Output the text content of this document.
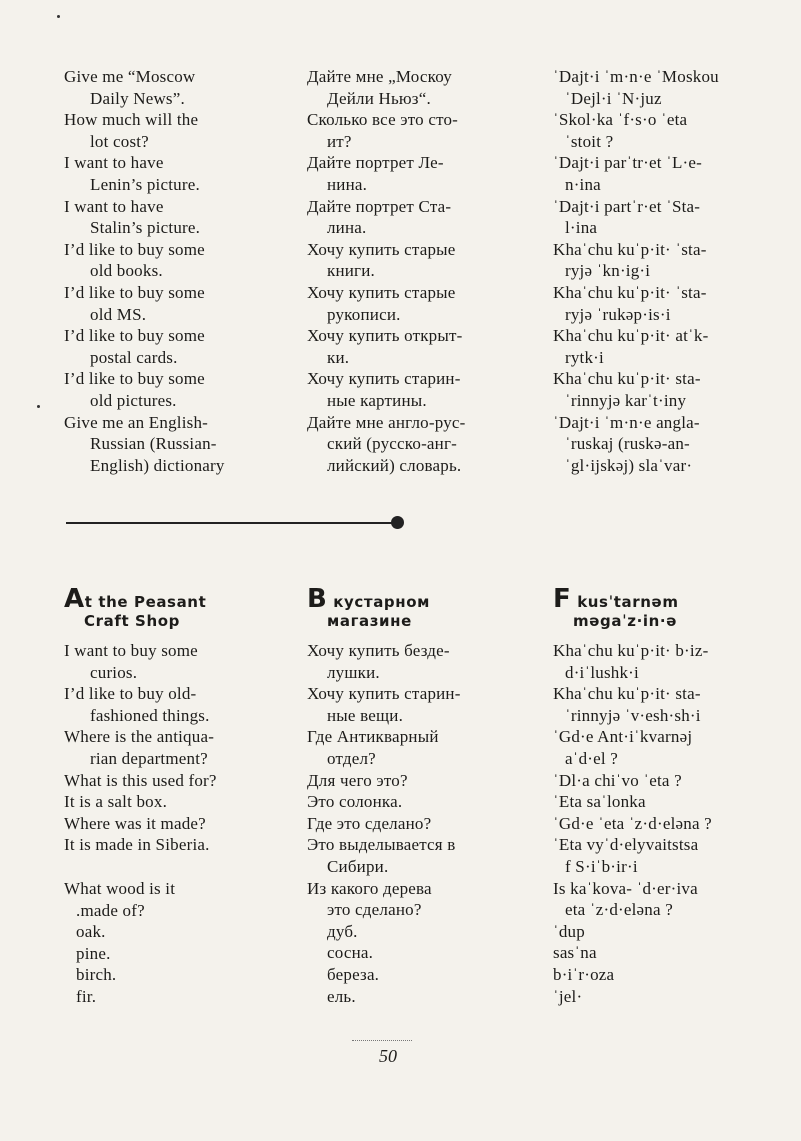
Give me “Moscow
Daily News”.
How much will the
lot cost?
I want to have
Lenin’s picture.
I want to have
Stalin’s picture.
I’d like to buy some
old books.
I’d like to buy some
old MS.
I’d like to buy some
postal cards.
I’d like to buy some
old pictures.
Give me an English-
Russian (Russian-
English) dictionary
Дайте мне „Москоу
Дейли Ньюз“.
Сколько все это сто-
ит?
Дайте портрет Ле-
нина.
Дайте портрет Ста-
лина.
Хочу купить старые
книги.
Хочу купить старые
рукописи.
Хочу купить открыт-
ки.
Хочу купить старин-
ные картины.
Дайте мне англо-рус-
ский (русско-анг-
лийский) словарь.
ˈDajt·i ˈm·n·e ˈMoskou
ˈDejl·i ˈN·juz
ˈSkol·ka ˈf·s·o ˈeta
ˈstoit ?
ˈDajt·i parˈtr·et ˈL·e-
n·ina
ˈDajt·i partˈr·et ˈSta-
l·ina
Khaˈchu kuˈp·it· ˈsta-
ryjə ˈkn·ig·i
Khaˈchu kuˈp·it· ˈsta-
ryjə ˈrukəp·is·i
Khaˈchu kuˈp·it· atˈk-
rytk·i
Khaˈchu kuˈp·it· sta-
ˈrinnyjə karˈt·iny
ˈDajt·i ˈm·n·e angla-
ˈruskaj (ruskə-an-
ˈgl·ijskəj) slaˈvar·
At the Peasant
Craft Shop
В кустарном
магазине
F kusˈtarnəm
məgaˈz·in·ə
I want to buy some
curios.
I’d like to buy old-
fashioned things.
Where is the antiqua-
rian department?
What is this used for?
It is a salt box.
Where was it made?
It is made in Siberia.
What wood is it
.made of?
oak.
pine.
birch.
fir.
Хочу купить безде-
лушки.
Хочу купить старин-
ные вещи.
Где Антикварный
отдел?
Для чего это?
Это солонка.
Где это сделано?
Это выделывается в
Сибири.
Из какого дерева
это сделано?
дуб.
сосна.
береза.
ель.
Khaˈchu kuˈp·it· b·iz-
d·iˈlushk·i
Khaˈchu kuˈp·it· sta-
ˈrinnyjə ˈv·esh·sh·i
ˈGd·e Ant·iˈkvarnəj
aˈd·el ?
ˈDl·a chiˈvo ˈeta ?
ˈEta saˈlonka
ˈGd·e ˈeta ˈz·d·eləna ?
ˈEta vyˈd·elyvaitstsa
f S·iˈb·ir·i
Is kaˈkova- ˈd·er·iva
eta ˈz·d·eləna ?
ˈdup
sasˈna
b·iˈr·oza
ˈjel·
50
